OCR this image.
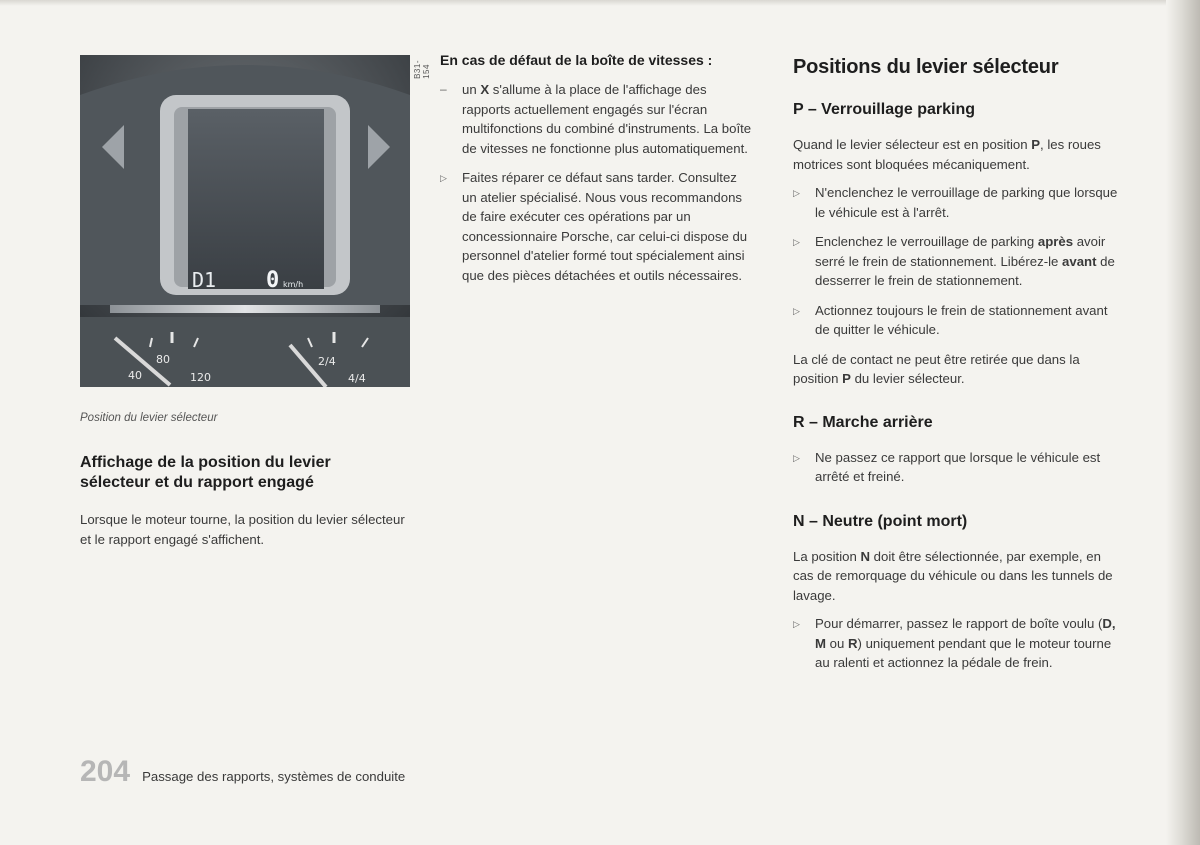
D1 0 km/h
80
120
40
2/4
4/4
B31-154
Position du levier sélecteur
Affichage de la position du levier sélecteur et du rapport engagé
Lorsque le moteur tourne, la position du levier sélecteur et le rapport engagé s'affichent.
En cas de défaut de la boîte de vitesses :
– un X s'allume à la place de l'affichage des rapports actuellement engagés sur l'écran multifonctions du combiné d'instruments. La boîte de vitesses ne fonctionne plus automatiquement.
▷ Faites réparer ce défaut sans tarder. Consultez un atelier spécialisé. Nous vous recommandons de faire exécuter ces opérations par un concessionnaire Porsche, car celui-ci dispose du personnel d'atelier formé tout spécialement ainsi que des pièces détachées et outils nécessaires.
Positions du levier sélecteur
P – Verrouillage parking
Quand le levier sélecteur est en position P, les roues motrices sont bloquées mécaniquement.
▷ N'enclenchez le verrouillage de parking que lorsque le véhicule est à l'arrêt.
▷ Enclenchez le verrouillage de parking après avoir serré le frein de stationnement. Libérez-le avant de desserrer le frein de stationnement.
▷ Actionnez toujours le frein de stationnement avant de quitter le véhicule.
La clé de contact ne peut être retirée que dans la position P du levier sélecteur.
R – Marche arrière
▷ Ne passez ce rapport que lorsque le véhicule est arrêté et freiné.
N – Neutre (point mort)
La position N doit être sélectionnée, par exemple, en cas de remorquage du véhicule ou dans les tunnels de lavage.
▷ Pour démarrer, passez le rapport de boîte voulu (D, M ou R) uniquement pendant que le moteur tourne au ralenti et actionnez la pédale de frein.
204 Passage des rapports, systèmes de conduite
